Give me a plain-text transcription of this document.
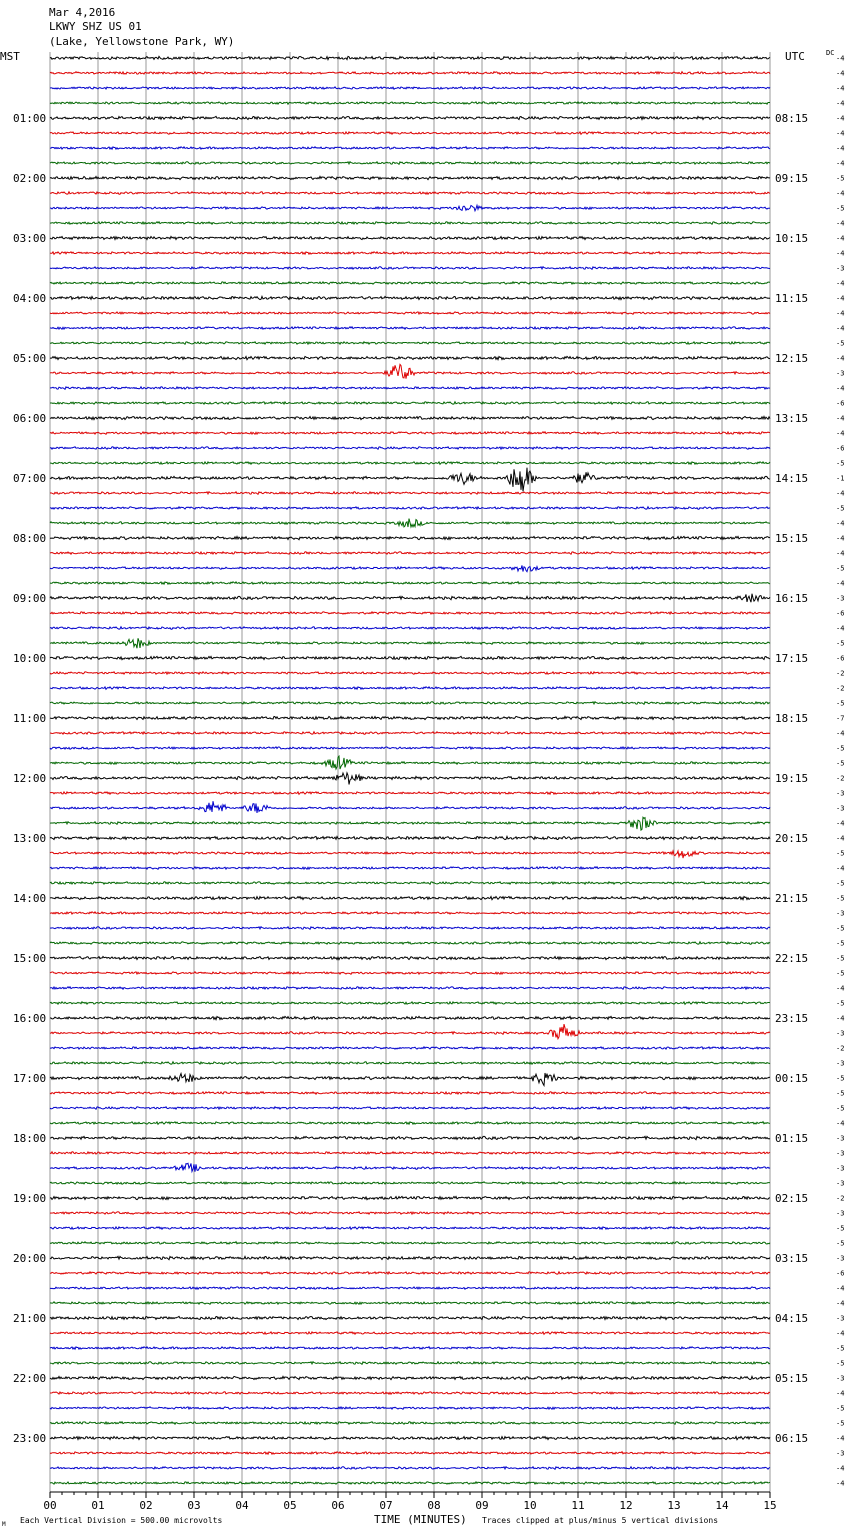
Mar 4,2016
LKWY SHZ US 01
(Lake, Yellowstone Park, WY)
MST	UTC	DC
01:00
02:00
03:00
04:00
05:00
06:00
07:00
08:00
09:00
10:00
11:00
12:00
13:00
14:00
15:00
16:00
17:00
18:00
19:00
20:00
21:00
22:00
23:00
08:15
09:15
10:15
11:15
12:15
13:15
14:15
15:15
16:15
17:15
18:15
19:15
20:15
21:15
22:15
23:15
00:15
01:15
02:15
03:15
04:15
05:15
06:15
-4
-4
-4
-4
-4
-4
-4
-4
-5
-4
-5
-4
-4
-4
-3
-4
-4
-4
-4
-5
-4
-3
-4
-6
-4
-4
-6
-5
-1
-4
-5
-4
-4
-4
-5
-4
-3
-6
-4
-5
-6
-2
-2
-5
-7
-4
-5
-5
-2
-3
-3
-4
-4
-5
-4
-5
-5
-3
-5
-5
-5
-5
-4
-5
-4
-3
-2
-3
-5
-5
-5
-4
-3
-3
-3
-3
-2
-3
-5
-5
-3
-6
-4
-4
-3
-4
-5
-5
-3
-4
-5
-5
-4
-3
-4
-4
00	01	02	03	04	05	06	07	08	09	10	11	12	13	14	15
M Each Vertical Division = 500.00 microvolts	TIME (MINUTES) Traces clipped at plus/minus 5 vertical divisions
